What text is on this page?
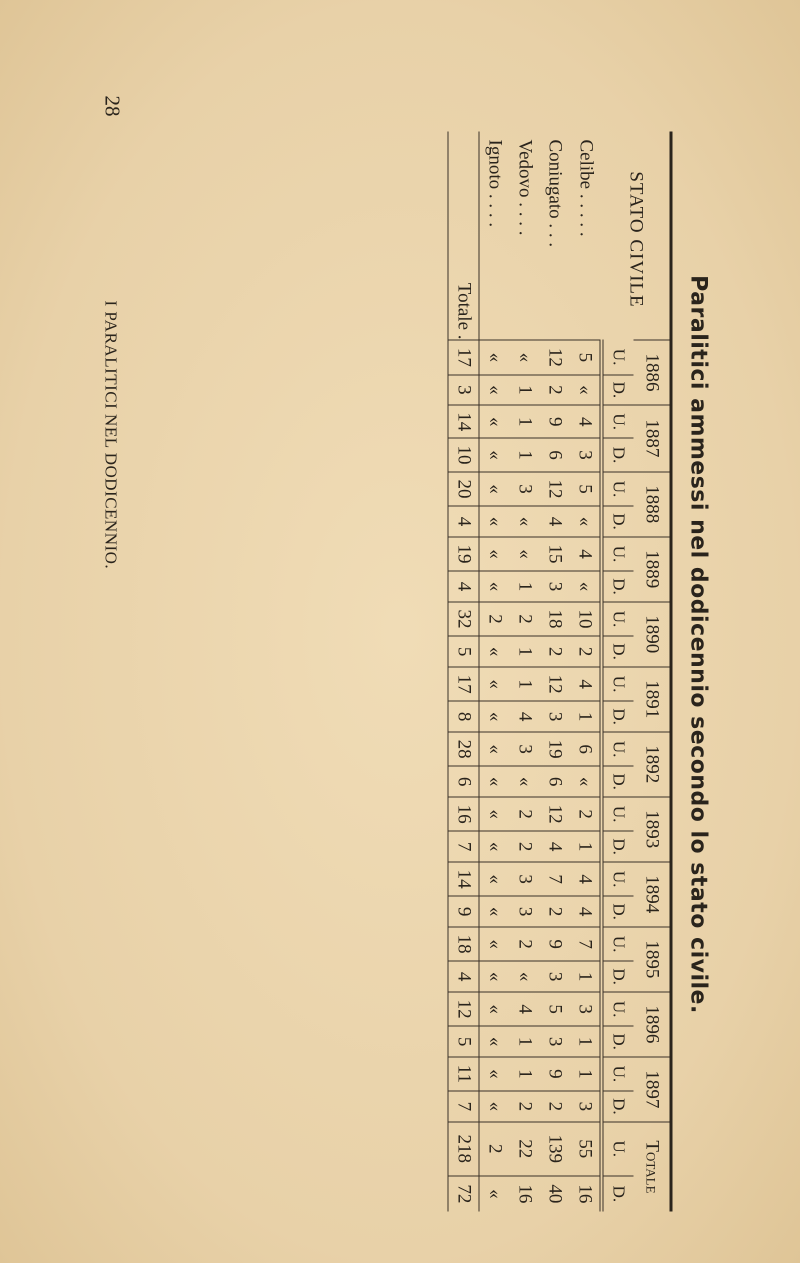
28
I PARALITICI NEL DODICENNIO.	Paralitici ammessi nel dodicennio secondo lo stato civile.
STATO CIVILE	1886		1887		1888		1889		1890		1891		1892		1893		1894		1895		1896		1897		Totale	
	U.	D.	U.	D.	U.	D.	U.	D.	U.	D.	U.	D.	U.	D.	U.	D.	U.	D.	U.	D.	U.	D.	U.	D.	U.	D.
Celibe . . . . .	5	«	4	3	5	«	4	«	10	2	4	1	6	«	2	1	4	4	7	1	3	1	1	3	55	16
Coniugato . . .	12	2	9	6	12	4	15	3	18	2	12	3	19	6	12	4	7	2	9	3	5	3	9	2	139	40
Vedovo . . . .	«	1	1	1	3	«	«	1	2	1	1	4	3	«	2	2	3	3	2	«	4	1	1	2	22	16
Ignoto . . . .	«	«	«	«	«	«	«	«	2	«	«	«	«	«	«	«	«	«	«	«	«	«	«	«	2	«
Totale .	17	3	14	10	20	4	19	4	32	5	17	8	28	6	16	7	14	9	18	4	12	5	11	7	218	72
